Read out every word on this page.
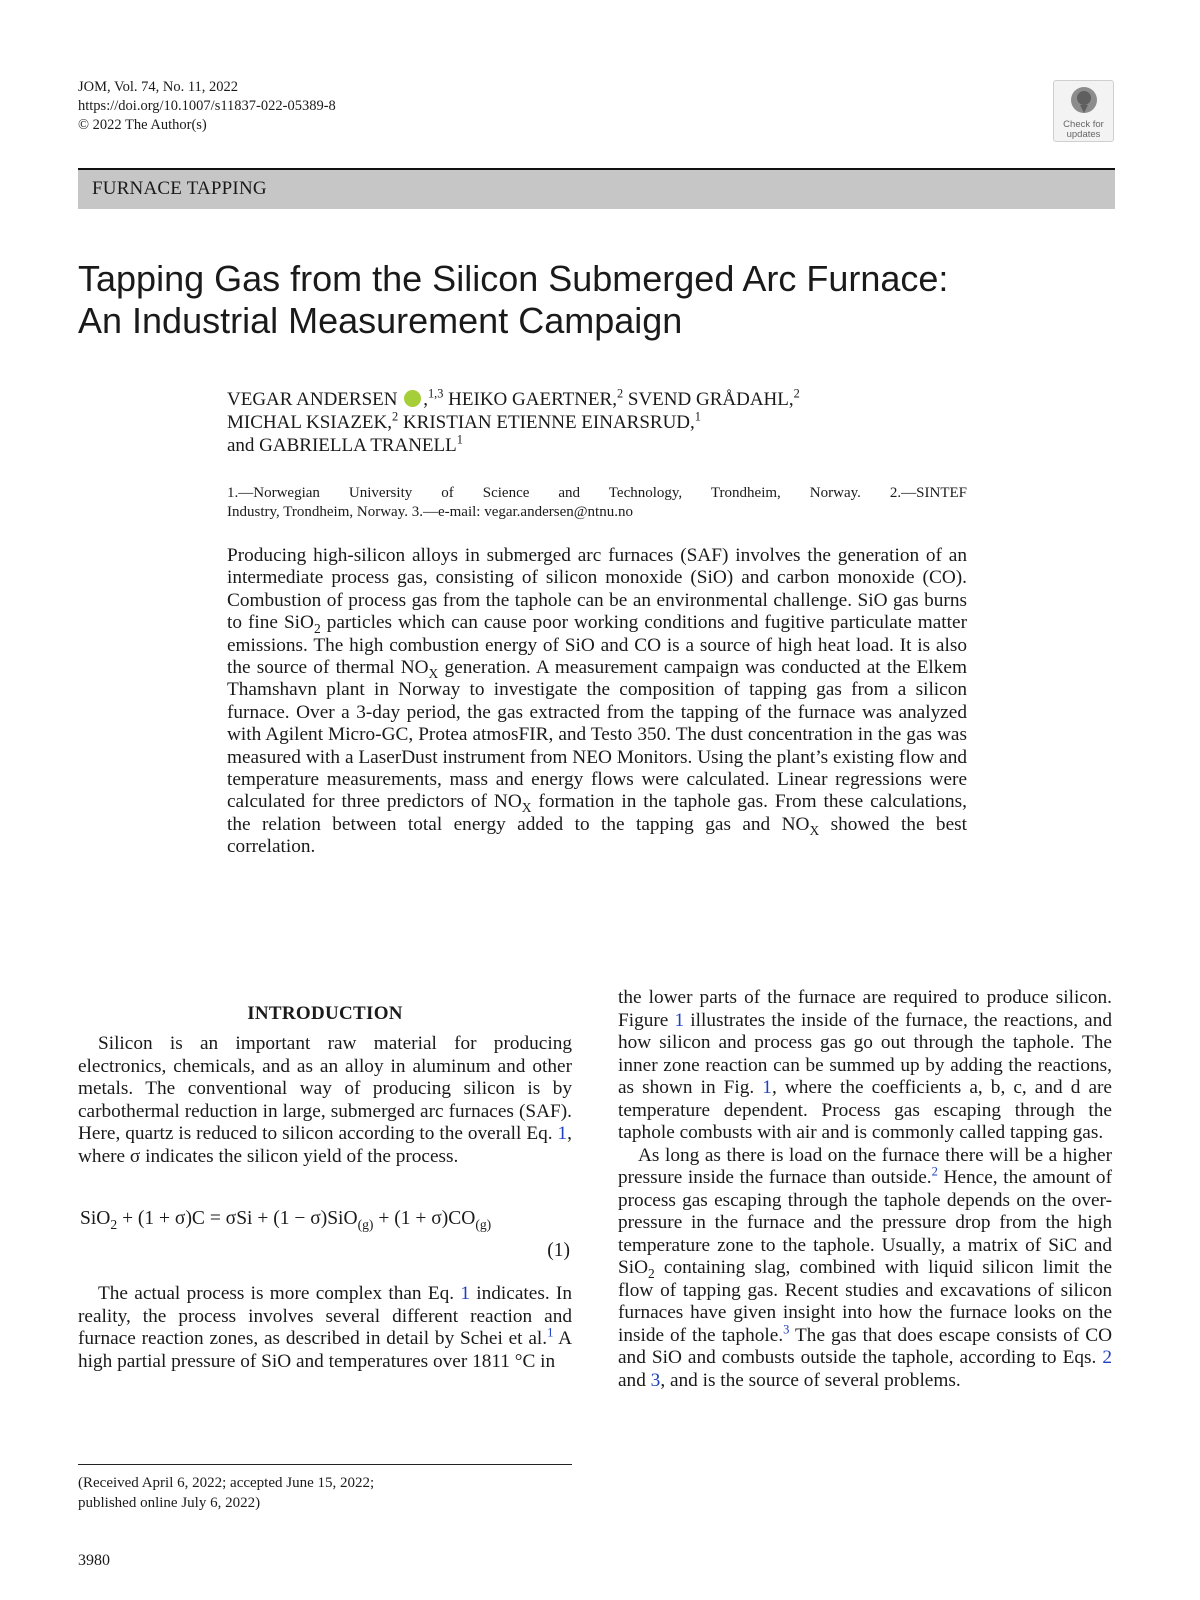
JOM, Vol. 74, No. 11, 2022
https://doi.org/10.1007/s11837-022-05389-8
© 2022 The Author(s)	Check for
updates
FURNACE TAPPING
Tapping Gas from the Silicon Submerged Arc Furnace:
An Industrial Measurement Campaign
VEGAR ANDERSEN ,$^{1,3}$ HEIKO GAERTNER,$^2$ SVEND GRÅDAHL,$^2$
MICHAL KSIAZEK,$^2$ KRISTIAN ETIENNE EINARSRUD,$^1$
and GABRIELLA TRANELL$^1$
1.—Norwegian University of Science and Technology, Trondheim, Norway. 2.—SINTEF
Industry, Trondheim, Norway. 3.—e-mail: vegar.andersen@ntnu.no
Producing high-silicon alloys in submerged arc furnaces (SAF) involves the generation of an intermediate process gas, consisting of silicon monoxide (SiO) and carbon monoxide (CO). Combustion of process gas from the taphole can be an environmental challenge. SiO gas burns to fine SiO$_2$ particles which can cause poor working conditions and fugitive particulate matter emissions. The high combustion energy of SiO and CO is a source of high heat load. It is also the source of thermal $NO_X$ generation. A measurement campaign was conducted at the Elkem Thamshavn plant in Norway to investigate the composition of tapping gas from a silicon furnace. Over a 3-day period, the gas extracted from the tapping of the furnace was analyzed with Agilent Micro-GC, Protea atmosFIR, and Testo 350. The dust concentration in the gas was measured with a LaserDust instrument from NEO Monitors. Using the plant’s existing flow and temperature measurements, mass and energy flows were calculated. Linear regressions were calculated for three predictors of $NO_X$ formation in the taphole gas. From these calculations, the relation between total energy added to the tapping gas and $NO_X$ showed the best correlation.
INTRODUCTION

Silicon is an important raw material for producing electronics, chemicals, and as an alloy in aluminum and other metals. The conventional way of producing silicon is by carbothermal reduction in large, submerged arc furnaces (SAF). Here, quartz is reduced to silicon according to the overall Eq. 1, where σ indicates the silicon yield of the process.

$SiO_2 + (1 + \sigma)C = \sigma Si + (1 - \sigma)SiO_{(g)} + (1 + \sigma)CO_{(g)}$
(1)

The actual process is more complex than Eq. 1 indicates. In reality, the process involves several different reaction and furnace reaction zones, as described in detail by Schei et al.$^1$ A high partial pressure of SiO and temperatures over 1811 °C in

(Received April 6, 2022; accepted June 15, 2022;
published online July 6, 2022)

the lower parts of the furnace are required to produce silicon. Figure 1 illustrates the inside of the furnace, the reactions, and how silicon and process gas go out through the taphole. The inner zone reaction can be summed up by adding the reactions, as shown in Fig. 1, where the coefficients a, b, c, and d are temperature dependent. Process gas escaping through the taphole combusts with air and is commonly called tapping gas.

As long as there is load on the furnace there will be a higher pressure inside the furnace than outside.$^2$ Hence, the amount of process gas escaping through the taphole depends on the over-pressure in the furnace and the pressure drop from the high temperature zone to the taphole. Usually, a matrix of SiC and SiO$_2$ containing slag, combined with liquid silicon limit the flow of tapping gas. Recent studies and excavations of silicon furnaces have given insight into how the furnace looks on the inside of the taphole.$^3$ The gas that does escape consists of CO and SiO and combusts outside the taphole, according to Eqs. 2 and 3, and is the source of several problems.

3980
